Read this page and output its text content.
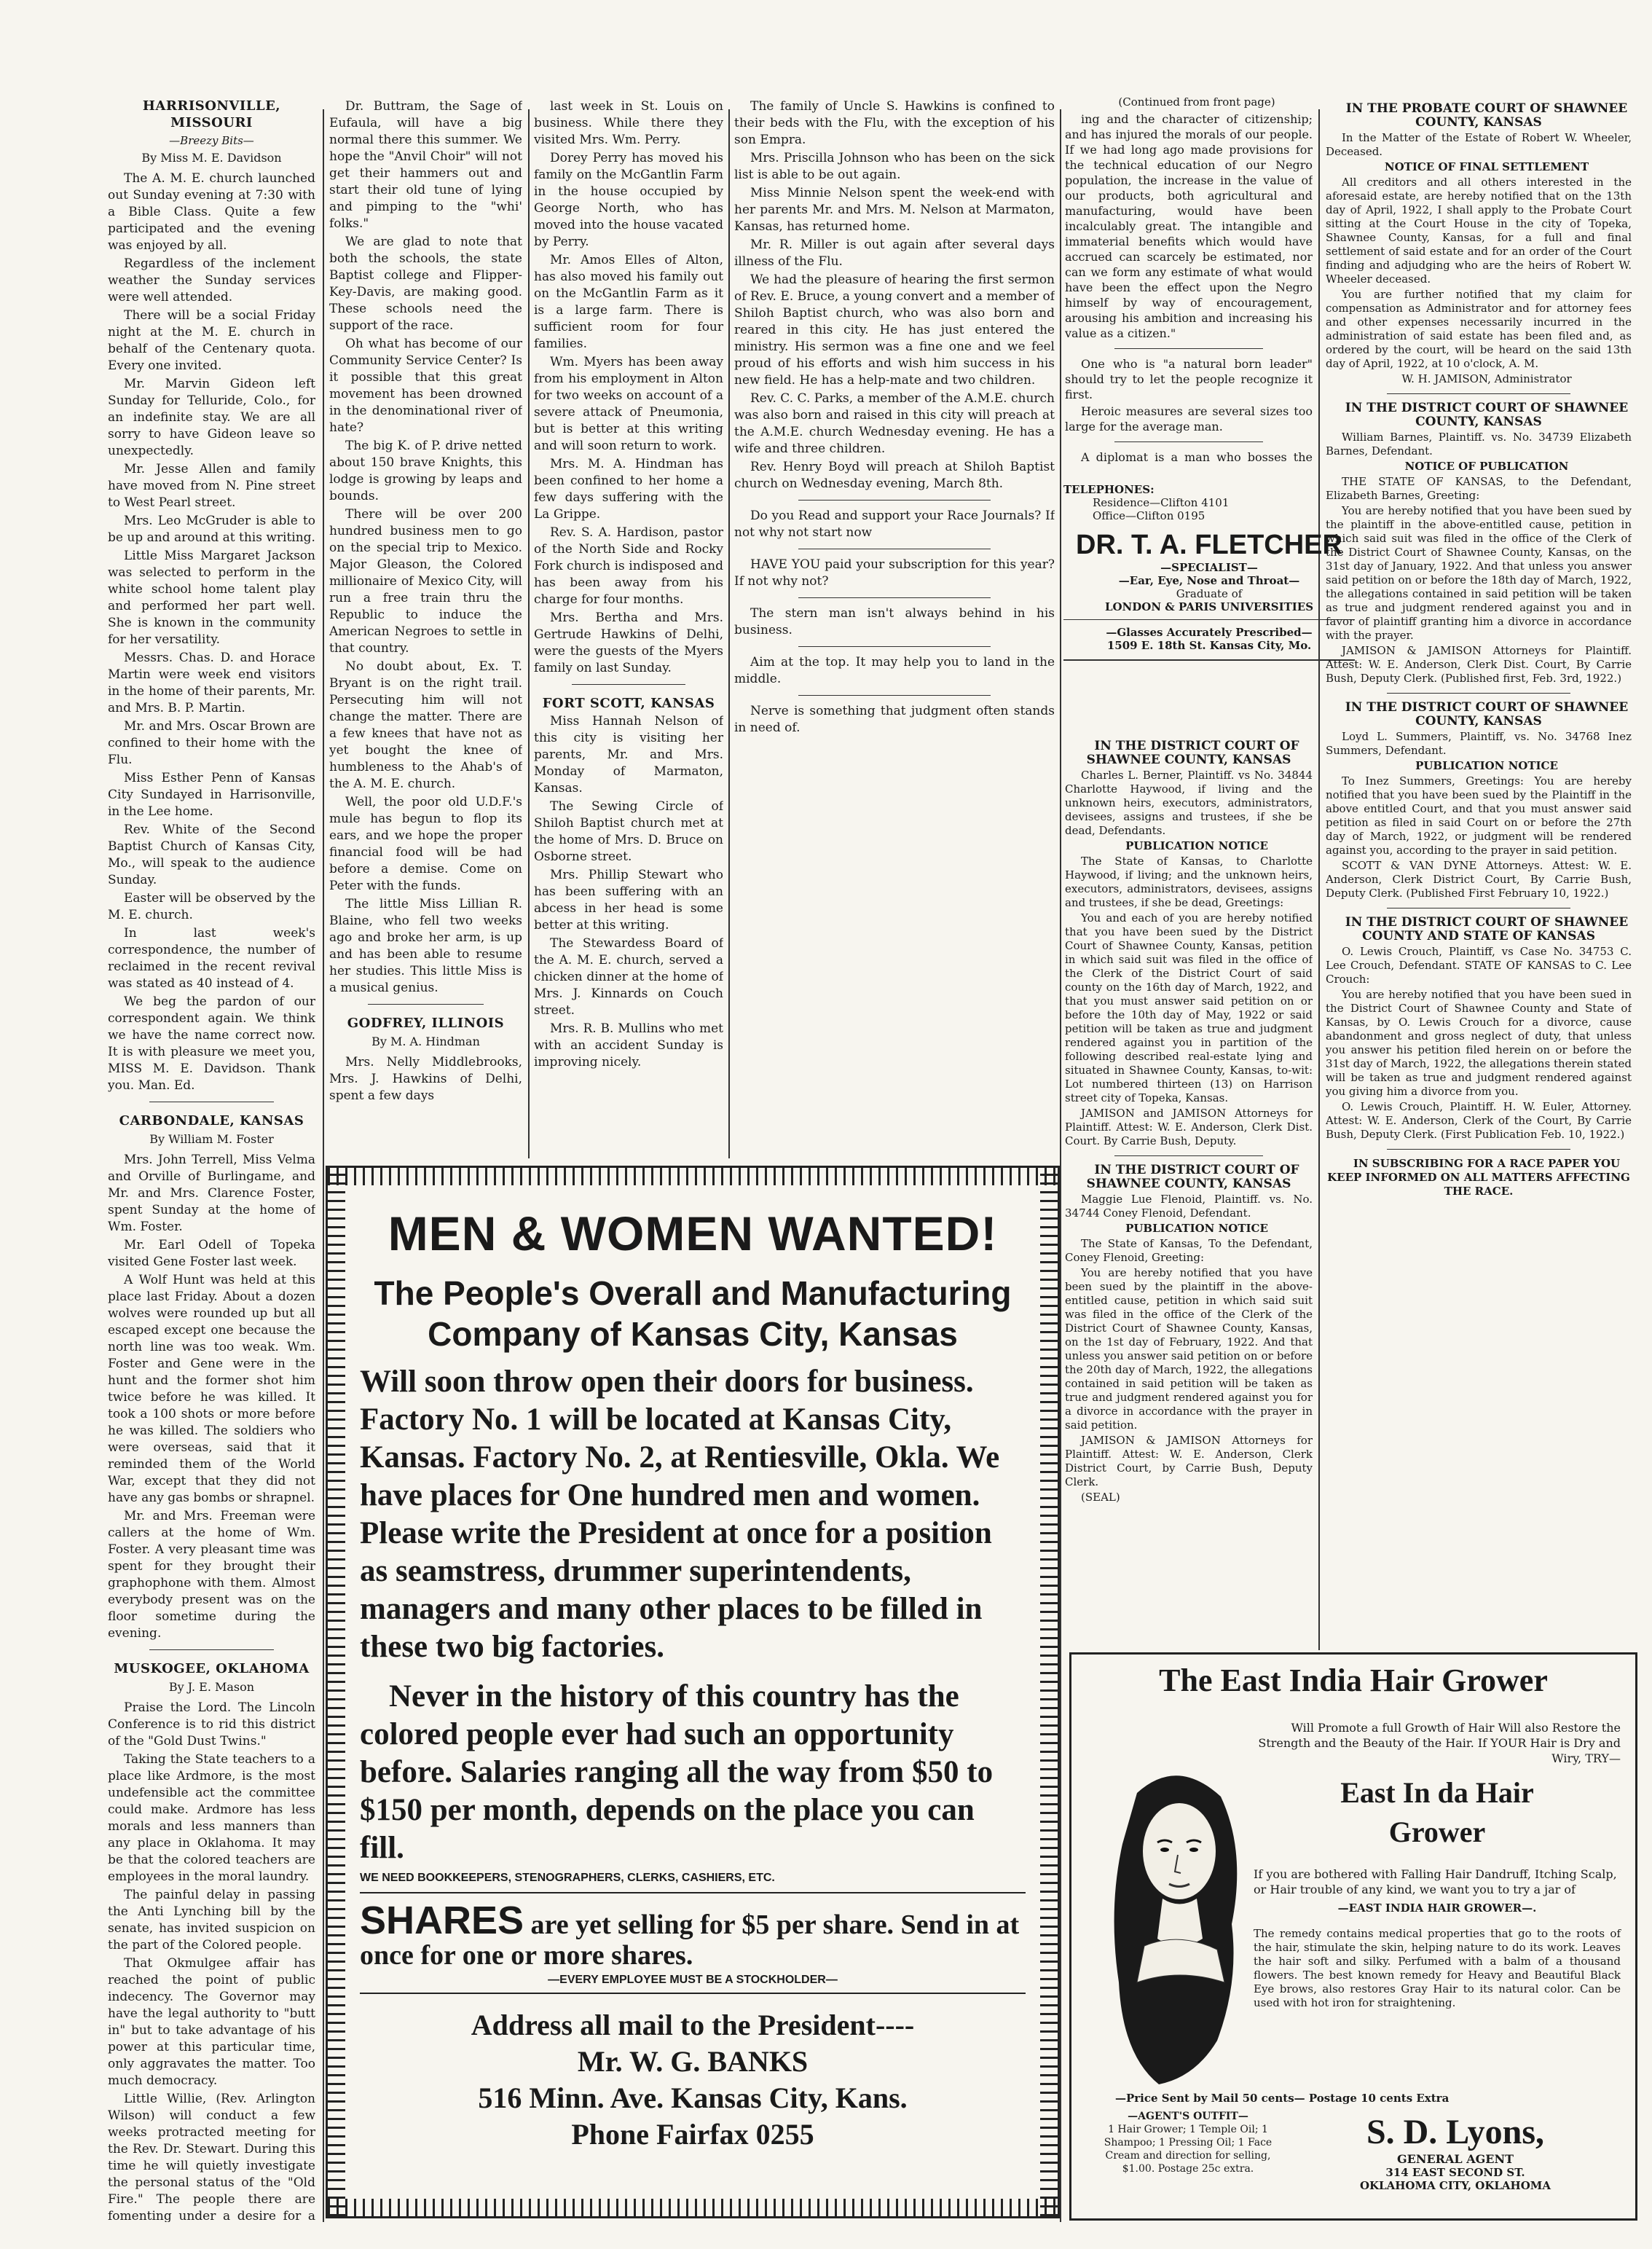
HARRISONVILLE, MISSOURI

—Breezy Bits—

By Miss M. E. Davidson

The A. M. E. church launched out Sunday evening at 7:30 with a Bible Class. Quite a few participated and the evening was enjoyed by all.

Regardless of the inclement weather the Sunday services were well attended.

There will be a social Friday night at the M. E. church in behalf of the Centenary quota. Every one invited.

Mr. Marvin Gideon left Sunday for Telluride, Colo., for an indefinite stay. We are all sorry to have Gideon leave so unexpectedly.

Mr. Jesse Allen and family have moved from N. Pine street to West Pearl street.

Mrs. Leo McGruder is able to be up and around at this writing.

Little Miss Margaret Jackson was selected to perform in the white school home talent play and performed her part well. She is known in the community for her versatility.

Messrs. Chas. D. and Horace Martin were week end visitors in the home of their parents, Mr. and Mrs. B. P. Martin.

Mr. and Mrs. Oscar Brown are confined to their home with the Flu.

Miss Esther Penn of Kansas City Sundayed in Harrisonville, in the Lee home.

Rev. White of the Second Baptist Church of Kansas City, Mo., will speak to the audience Sunday.

Easter will be observed by the M. E. church.

In last week's correspondence, the number of reclaimed in the recent revival was stated as 40 instead of 4.

We beg the pardon of our correspondent again. We think we have the name correct now. It is with pleasure we meet you, MISS M. E. Davidson. Thank you. Man. Ed.

CARBONDALE, KANSAS

By William M. Foster

Mrs. John Terrell, Miss Velma and Orville of Burlingame, and Mr. and Mrs. Clarence Foster, spent Sunday at the home of Wm. Foster.

Mr. Earl Odell of Topeka visited Gene Foster last week.

A Wolf Hunt was held at this place last Friday. About a dozen wolves were rounded up but all escaped except one because the north line was too weak. Wm. Foster and Gene were in the hunt and the former shot him twice before he was killed. It took a 100 shots or more before he was killed. The soldiers who were overseas, said that it reminded them of the World War, except that they did not have any gas bombs or shrapnel.

Mr. and Mrs. Freeman were callers at the home of Wm. Foster. A very pleasant time was spent for they brought their graphophone with them. Almost everybody present was on the floor sometime during the evening.

MUSKOGEE, OKLAHOMA

By J. E. Mason

Praise the Lord. The Lincoln Conference is to rid this district of the "Gold Dust Twins."

Taking the State teachers to a place like Ardmore, is the most undefensible act the committee could make. Ardmore has less morals and less manners than any place in Oklahoma. It may be that the colored teachers are employees in the moral laundry.

The painful delay in passing the Anti Lynching bill by the senate, has invited suspicion on the part of the Colored people.

That Okmulgee affair has reached the point of public indecency. The Governor may have the legal authority to "butt in" but to take advantage of his power at this particular time, only aggravates the matter. Too much democracy.

Little Willie, (Rev. Arlington Wilson) will conduct a few weeks protracted meeting for the Rev. Dr. Stewart. During this time he will quietly investigate the personal status of the "Old Fire." The people there are fomenting under a desire for a

Dr. Buttram, the Sage of Eufaula, will have a big normal there this summer. We hope the "Anvil Choir" will not get their hammers out and start their old tune of lying and pimping to the "whi' folks."

We are glad to note that both the schools, the state Baptist college and Flipper-Key-Davis, are making good. These schools need the support of the race.

Oh what has become of our Community Service Center? Is it possible that this great movement has been drowned in the denominational river of hate?

The big K. of P. drive netted about 150 brave Knights, this lodge is growing by leaps and bounds.

There will be over 200 hundred business men to go on the special trip to Mexico. Major Gleason, the Colored millionaire of Mexico City, will run a free train thru the Republic to induce the American Negroes to settle in that country.

No doubt about, Ex. T. Bryant is on the right trail. Persecuting him will not change the matter. There are a few knees that have not as yet bought the knee of humbleness to the Ahab's of the A. M. E. church.

Well, the poor old U.D.F.'s mule has begun to flop its ears, and we hope the proper financial food will be had before a demise. Come on Peter with the funds.

The little Miss Lillian R. Blaine, who fell two weeks ago and broke her arm, is up and has been able to resume her studies. This little Miss is a musical genius.

GODFREY, ILLINOIS

By M. A. Hindman

Mrs. Nelly Middlebrooks, Mrs. J. Hawkins of Delhi, spent a few days

last week in St. Louis on business. While there they visited Mrs. Wm. Perry.

Dorey Perry has moved his family on the McGantlin Farm in the house occupied by George North, who has moved into the house vacated by Perry.

Mr. Amos Elles of Alton, has also moved his family out on the McGantlin Farm as it is a large farm. There is sufficient room for four families.

Wm. Myers has been away from his employment in Alton for two weeks on account of a severe attack of Pneumonia, but is better at this writing and will soon return to work.

Mrs. M. A. Hindman has been confined to her home a few days suffering with the La Grippe.

Rev. S. A. Hardison, pastor of the North Side and Rocky Fork church is indisposed and has been away from his charge for four months.

Mrs. Bertha and Mrs. Gertrude Hawkins of Delhi, were the guests of the Myers family on last Sunday.

FORT SCOTT, KANSAS

Miss Hannah Nelson of this city is visiting her parents, Mr. and Mrs. Monday of Marmaton, Kansas.

The Sewing Circle of Shiloh Baptist church met at the home of Mrs. D. Bruce on Osborne street.

Mrs. Phillip Stewart who has been suffering with an abcess in her head is some better at this writing.

The Stewardess Board of the A. M. E. church, served a chicken dinner at the home of Mrs. J. Kinnards on Couch street.

Mrs. R. B. Mullins who met with an accident Sunday is improving nicely.

The family of Uncle S. Hawkins is confined to their beds with the Flu, with the exception of his son Empra.

Mrs. Priscilla Johnson who has been on the sick list is able to be out again.

Miss Minnie Nelson spent the week-end with her parents Mr. and Mrs. M. Nelson at Marmaton, Kansas, has returned home.

Mr. R. Miller is out again after several days illness of the Flu.

We had the pleasure of hearing the first sermon of Rev. E. Bruce, a young convert and a member of Shiloh Baptist church, who was also born and reared in this city. He has just entered the ministry. His sermon was a fine one and we feel proud of his efforts and wish him success in his new field. He has a help-mate and two children.

Rev. C. C. Parks, a member of the A.M.E. church was also born and raised in this city will preach at the A.M.E. church Wednesday evening. He has a wife and three children.

Rev. Henry Boyd will preach at Shiloh Baptist church on Wednesday evening, March 8th.

Do you Read and support your Race Journals? If not why not start now

HAVE YOU paid your subscription for this year? If not why not?

The stern man isn't always behind in his business.

Aim at the top. It may help you to land in the middle.

Nerve is something that judgment often stands in need of.

(Continued from front page)

ing and the character of citizenship; and has injured the morals of our people. If we had long ago made provisions for the technical education of our Negro population, the increase in the value of our products, both agricultural and manufacturing, would have been incalculably great. The intangible and immaterial benefits which would have accrued can scarcely be estimated, nor can we form any estimate of what would have been the effect upon the Negro himself by way of encouragement, arousing his ambition and increasing his value as a citizen."

One who is "a natural born leader" should try to let the people recognize it first.

Heroic measures are several sizes too large for the average man.

A diplomat is a man who bosses the

TELEPHONES:
Residence—Clifton 4101
Office—Clifton 0195
DR. T. A. FLETCHER
—SPECIALIST—
—Ear, Eye, Nose and Throat—
Graduate of
LONDON & PARIS UNIVERSITIES
—Glasses Accurately Prescribed—
1509 E. 18th St. Kansas City, Mo.

IN THE DISTRICT COURT OF SHAWNEE COUNTY, KANSAS

Charles L. Berner, Plaintiff. vs No. 34844 Charlotte Haywood, if living and the unknown heirs, executors, administrators, devisees, assigns and trustees, if she be dead, Defendants.

PUBLICATION NOTICE

The State of Kansas, to Charlotte Haywood, if living; and the unknown heirs, executors, administrators, devisees, assigns and trustees, if she be dead, Greetings:

You and each of you are hereby notified that you have been sued by the District Court of Shawnee County, Kansas, petition in which said suit was filed in the office of the Clerk of the District Court of said county on the 16th day of March, 1922, and that you must answer said petition on or before the 10th day of May, 1922 or said petition will be taken as true and judgment rendered against you in partition of the following described real-estate lying and situated in Shawnee County, Kansas, to-wit: Lot numbered thirteen (13) on Harrison street city of Topeka, Kansas.

JAMISON and JAMISON Attorneys for Plaintiff. Attest: W. E. Anderson, Clerk Dist. Court. By Carrie Bush, Deputy.

IN THE DISTRICT COURT OF SHAWNEE COUNTY, KANSAS

Maggie Lue Flenoid, Plaintiff. vs. No. 34744 Coney Flenoid, Defendant.

PUBLICATION NOTICE

The State of Kansas, To the Defendant, Coney Flenoid, Greeting:

You are hereby notified that you have been sued by the plaintiff in the above-entitled cause, petition in which said suit was filed in the office of the Clerk of the District Court of Shawnee County, Kansas, on the 1st day of February, 1922. And that unless you answer said petition on or before the 20th day of March, 1922, the allegations contained in said petition will be taken as true and judgment rendered against you for a divorce in accordance with the prayer in said petition.

JAMISON & JAMISON Attorneys for Plaintiff. Attest: W. E. Anderson, Clerk District Court, by Carrie Bush, Deputy Clerk.

(SEAL)

IN THE PROBATE COURT OF SHAWNEE COUNTY, KANSAS

In the Matter of the Estate of Robert W. Wheeler, Deceased.

NOTICE OF FINAL SETTLEMENT

All creditors and all others interested in the aforesaid estate, are hereby notified that on the 13th day of April, 1922, I shall apply to the Probate Court sitting at the Court House in the city of Topeka, Shawnee County, Kansas, for a full and final settlement of said estate and for an order of the Court finding and adjudging who are the heirs of Robert W. Wheeler deceased.

You are further notified that my claim for compensation as Administrator and for attorney fees and other expenses necessarily incurred in the administration of said estate has been filed and, as ordered by the court, will be heard on the said 13th day of April, 1922, at 10 o'clock, A. M.

W. H. JAMISON, Administrator

IN THE DISTRICT COURT OF SHAWNEE COUNTY, KANSAS

William Barnes, Plaintiff. vs. No. 34739 Elizabeth Barnes, Defendant.

NOTICE OF PUBLICATION

THE STATE OF KANSAS, to the Defendant, Elizabeth Barnes, Greeting:

You are hereby notified that you have been sued by the plaintiff in the above-entitled cause, petition in which said suit was filed in the office of the Clerk of the District Court of Shawnee County, Kansas, on the 31st day of January, 1922. And that unless you answer said petition on or before the 18th day of March, 1922, the allegations contained in said petition will be taken as true and judgment rendered against you and in favor of plaintiff granting him a divorce in accordance with the prayer.

JAMISON & JAMISON Attorneys for Plaintiff. Attest: W. E. Anderson, Clerk Dist. Court, By Carrie Bush, Deputy Clerk. (Published first, Feb. 3rd, 1922.)

IN THE DISTRICT COURT OF SHAWNEE COUNTY, KANSAS

Loyd L. Summers, Plaintiff, vs. No. 34768 Inez Summers, Defendant.

PUBLICATION NOTICE

To Inez Summers, Greetings: You are hereby notified that you have been sued by the Plaintiff in the above entitled Court, and that you must answer said petition as filed in said Court on or before the 27th day of March, 1922, or judgment will be rendered against you, according to the prayer in said petition.

SCOTT & VAN DYNE Attorneys. Attest: W. E. Anderson, Clerk District Court, By Carrie Bush, Deputy Clerk. (Published First February 10, 1922.)

IN THE DISTRICT COURT OF SHAWNEE COUNTY AND STATE OF KANSAS

O. Lewis Crouch, Plaintiff, vs Case No. 34753 C. Lee Crouch, Defendant. STATE OF KANSAS to C. Lee Crouch:

You are hereby notified that you have been sued in the District Court of Shawnee County and State of Kansas, by O. Lewis Crouch for a divorce, cause abandonment and gross neglect of duty, that unless you answer his petition filed herein on or before the 31st day of March, 1922, the allegations therein stated will be taken as true and judgment rendered against you giving him a divorce from you.

O. Lewis Crouch, Plaintiff. H. W. Euler, Attorney. Attest: W. E. Anderson, Clerk of the Court, By Carrie Bush, Deputy Clerk. (First Publication Feb. 10, 1922.)

IN SUBSCRIBING FOR A RACE PAPER YOU KEEP INFORMED ON ALL MATTERS AFFECTING THE RACE.

MEN & WOMEN WANTED!
The People's Overall and Manufacturing Company of Kansas City, Kansas
Will soon throw open their doors for business. Factory No. 1 will be located at Kansas City, Kansas. Factory No. 2, at Rentiesville, Okla. We have places for One hundred men and women. Please write the President at once for a position as seamstress, drummer superintendents, managers and many other places to be filled in these two big factories.
Never in the history of this country has the colored people ever had such an opportunity before. Salaries ranging all the way from $50 to $150 per month, depends on the place you can fill.
WE NEED BOOKKEEPERS, STENOGRAPHERS, CLERKS, CASHIERS, ETC.
SHARES are yet selling for $5 per share. Send in at once for one or more shares.
—EVERY EMPLOYEE MUST BE A STOCKHOLDER—
Address all mail to the President----
Mr. W. G. BANKS
516 Minn. Ave. Kansas City, Kans.
Phone Fairfax 0255
The East India Hair Grower
Will Promote a full Growth of Hair Will also Restore the Strength and the Beauty of the Hair. If YOUR Hair is Dry and Wiry, TRY—
East In da Hair
Grower
If you are bothered with Falling Hair Dandruff, Itching Scalp, or Hair trouble of any kind, we want you to try a jar of
—EAST INDIA HAIR GROWER—.
The remedy contains medical properties that go to the roots of the hair, stimulate the skin, helping nature to do its work. Leaves the hair soft and silky. Perfumed with a balm of a thousand flowers. The best known remedy for Heavy and Beautiful Black Eye brows, also restores Gray Hair to its natural color. Can be used with hot iron for straightening.
—Price Sent by Mail 50 cents— Postage 10 cents Extra
—AGENT'S OUTFIT—
1 Hair Grower; 1 Temple Oil; 1 Shampoo; 1 Pressing Oil; 1 Face Cream and direction for selling, $1.00. Postage 25c extra.
S. D. Lyons,
GENERAL AGENT
314 EAST SECOND ST.
OKLAHOMA CITY, OKLAHOMA
